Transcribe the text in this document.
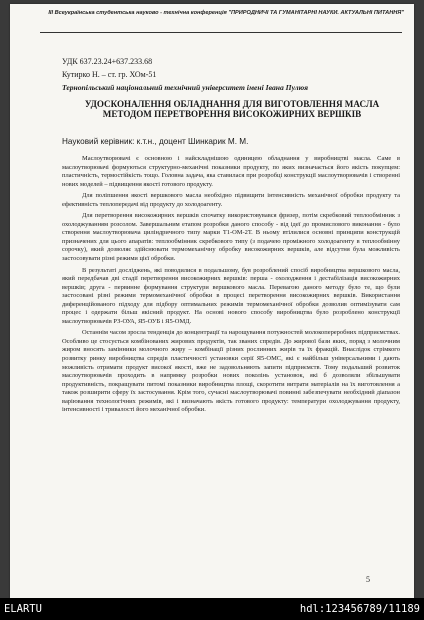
III Всеукраїнська студентська науково - технічна конференція "ПРИРОДНИЧІ ТА ГУМАНІТАРНІ НАУКИ. АКТУАЛЬНІ ПИТАННЯ"
УДК 637.23.24+637.233.68
Кутирко Н. – ст. гр. ХОм-51
Тернопільський національний технічний університет імені Івана Пулюя
УДОСКОНАЛЕННЯ ОБЛАДНАННЯ ДЛЯ ВИГОТОВЛЕННЯ МАСЛА МЕТОДОМ ПЕРЕТВОРЕННЯ ВИСОКОЖИРНИХ ВЕРШКІВ
Науковий керівник: к.т.н., доцент Шинкарик М. М.

Маслоутворювачі є основною і найскладнішою одиницею обладнання у виробництві масла. Саме в маслоутворювачі формуються структурно-механічні показники продукту, по яких визначається його якість покупцем: пластичність, термостійкість тощо. Головна задача, яка ставилася при розробці конструкції маслоутворювачів і створенні нових моделей – підвищення якості готового продукту.

Для поліпшення якості вершкового масла необхідно підвищити інтенсивність механічної обробки продукту та ефективність теплопередачі від продукту до холодоагенту.

Для перетворення високожирних вершків спочатку використовувався фризер, потім скребковий теплообмінник з охолоджуванням розсолом. Завершальним етапом розробки даного способу - від ідеї до промислового виконання - було створення маслоутворювача циліндричного типу марки Т1-ОМ-2Т. В ньому втілилися основні принципи конструкцій призначених для цього апаратів: теплообмінник скребкового типу (з подачею проміжного холодоагенту в теплообмінну сорочку), який дозволяє здійснювати термомеханічну обробку високожирних вершків, але відсутня була можливість застосовувати різні режими цієї обробки.

В результаті досліджень, які поводилися в подальшому, був розроблений спосіб виробництва вершкового масла, який передбачав дві стадії перетворення високожирних вершків: перша - охолодження і дестабілізація високожирних вершків; друга - первинне формування структури вершкового масла. Перевагою даного методу було те, що були застосовані різні режими термомеханічної обробки в процесі перетворення високожирних вершків. Використання диференційованого підходу для підбору оптимальних режимів термомеханічної обробки дозволив оптимізувати сам процес і одержати більш якісний продукт. На основі нового способу виробництва було розроблено конструкції маслоутворювачів РЗ-ОУА, Я5-ОУБ і Я5-ОМД.

Останнім часом зросла тенденція до концентрації та нарощування потужностей молокопереробних підприємствах. Особливо це стосується комбінованих жирових продуктів, так званих спредів. До жирової бази яких, поряд з молочним жиром вносять замінники молочного жиру – комбінації різних рослинних жирів та їх фракцій. Внаслідок стрімкого розвитку ринку виробництва спредів пластичності установки серії Я5-ОМС, які є найбільш універсальними і дають можливість отримати продукт високої якості, вже не задовольняють запити підприємств. Тому подальший розвиток маслоутворювачів проходить в напрямку розробки нових поколінь установок, які б дозволяли збільшувати продуктивність, покращувати питомі показники виробництва площі, скоротити витрати матеріалів на їх виготовлення а також розширити сферу їх застосування. Крім того, сучасні маслоутворювачі повинні забезпечувати необхідний діапазон варіювання технологічних режимів, які і визначають якість готового продукту: температури охолоджування продукту, інтенсивності і тривалості його механічної обробки.

5
ELARTU	hdl:123456789/11189
